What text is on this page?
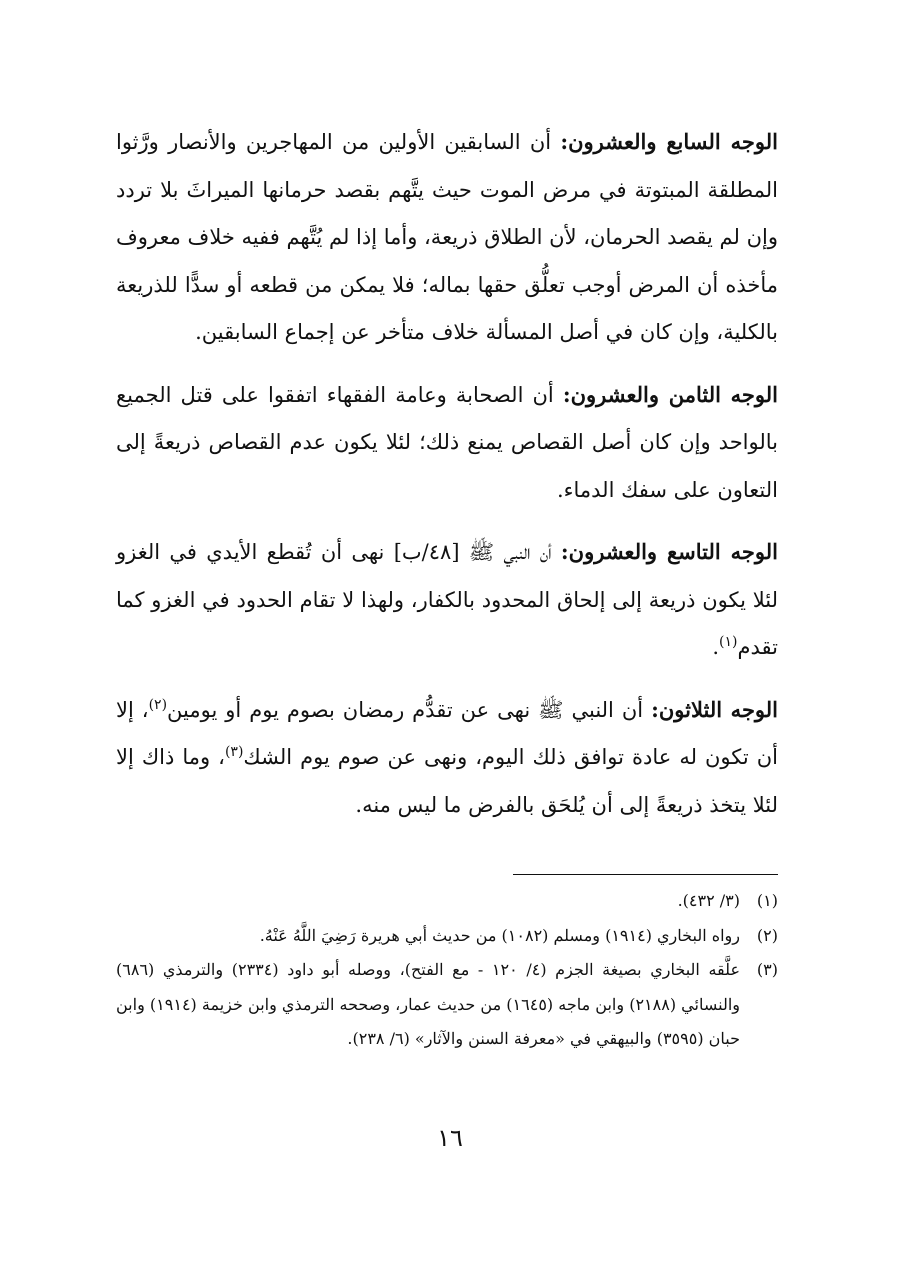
الوجه السابع والعشرون: أن السابقين الأولين من المهاجرين والأنصار ورَّثوا المطلقة المبتوتة في مرض الموت حيث يتَّهم بقصد حرمانها الميراثَ بلا تردد وإن لم يقصد الحرمان، لأن الطلاق ذريعة، وأما إذا لم يُتَّهم ففيه خلاف معروف مأخذه أن المرض أوجب تعلُّق حقها بماله؛ فلا يمكن من قطعه أو سدًّا للذريعة بالكلية، وإن كان في أصل المسألة خلاف متأخر عن إجماع السابقين.

الوجه الثامن والعشرون: أن الصحابة وعامة الفقهاء اتفقوا على قتل الجميع بالواحد وإن كان أصل القصاص يمنع ذلك؛ لئلا يكون عدم القصاص ذريعةً إلى التعاون على سفك الدماء.

الوجه التاسع والعشرون: أن النبي ﷺ [٤٨/ب] نهى أن تُقطع الأيدي في الغزو لئلا يكون ذريعة إلى إلحاق المحدود بالكفار، ولهذا لا تقام الحدود في الغزو كما تقدم$^{(١)}$.

الوجه الثلاثون: أن النبي ﷺ نهى عن تقدُّم رمضان بصوم يوم أو يومين$^{(٢)}$، إلا أن تكون له عادة توافق ذلك اليوم، ونهى عن صوم يوم الشك$^{(٣)}$، وما ذاك إلا لئلا يتخذ ذريعةً إلى أن يُلحَق بالفرض ما ليس منه.

(١)
(٣/ ٤٣٢).
(٢)
رواه البخاري (١٩١٤) ومسلم (١٠٨٢) من حديث أبي هريرة رَضِيَ اللَّهُ عَنْهُ.
(٣)
علَّقه البخاري بصيغة الجزم (٤/ ١٢٠ - مع الفتح)، ووصله أبو داود (٢٣٣٤) والترمذي (٦٨٦) والنسائي (٢١٨٨) وابن ماجه (١٦٤٥) من حديث عمار، وصححه الترمذي وابن خزيمة (١٩١٤) وابن حبان (٣٥٩٥) والبيهقي في «معرفة السنن والآثار» (٦/ ٢٣٨).
١٦
